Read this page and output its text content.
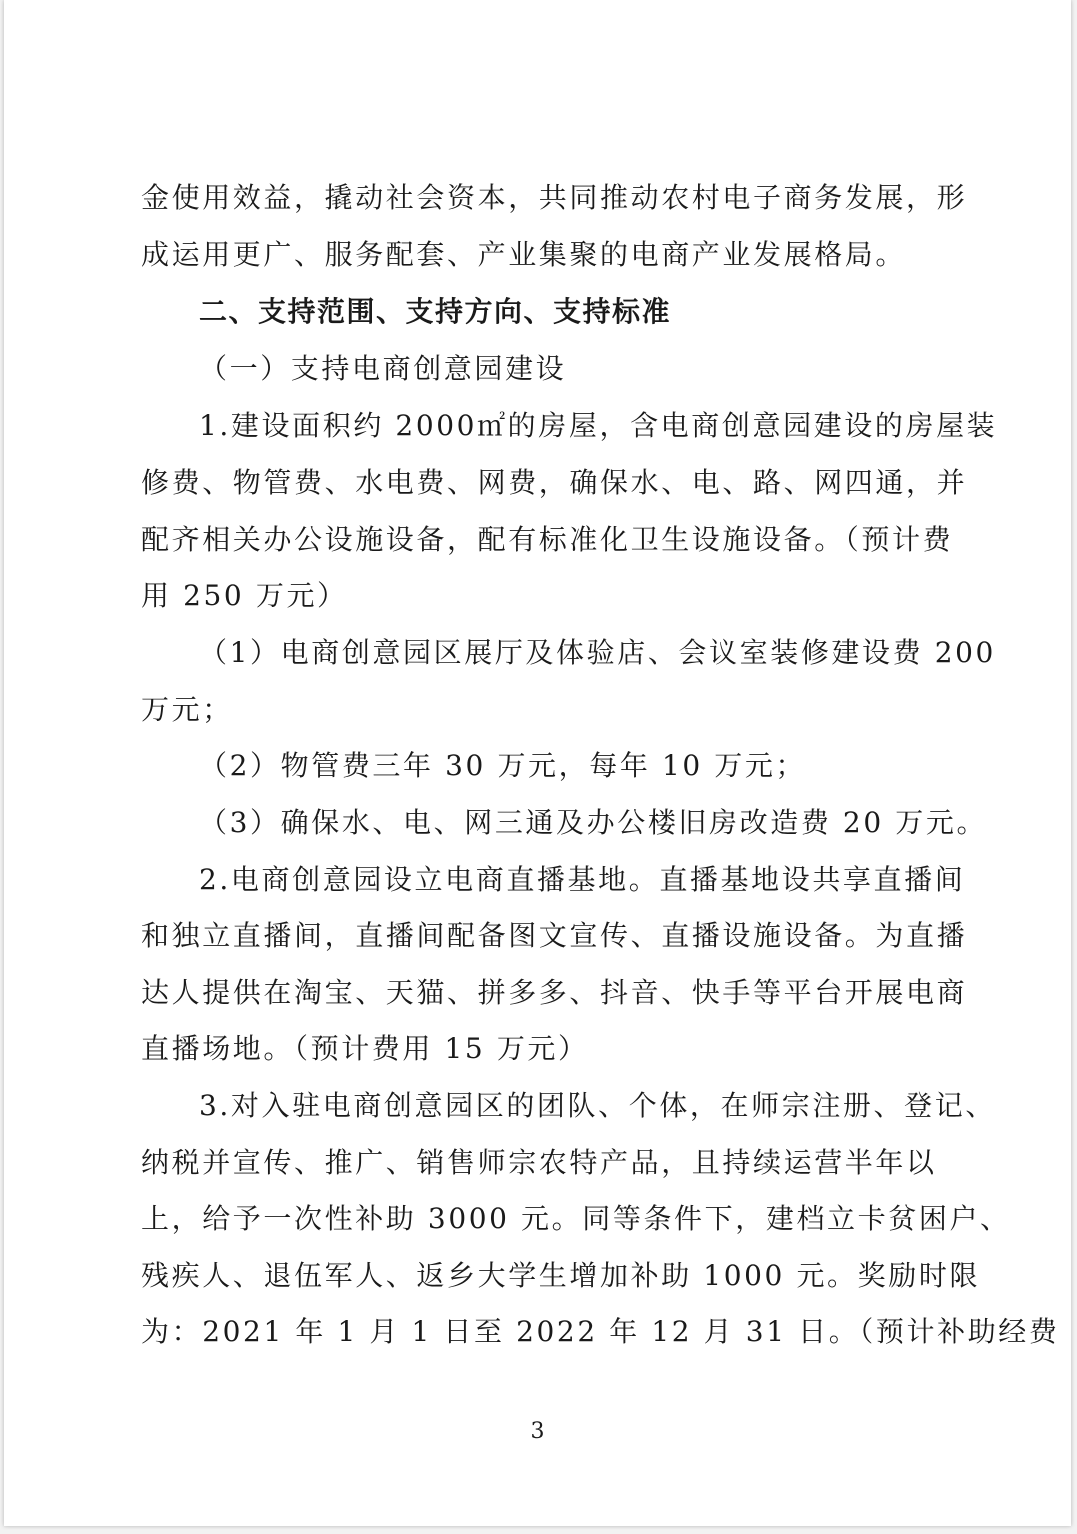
金使用效益，撬动社会资本，共同推动农村电子商务发展，形
成运用更广、服务配套、产业集聚的电商产业发展格局。
二、支持范围、支持方向、支持标准
（一）支持电商创意园建设
1.建设面积约 2000㎡的房屋，含电商创意园建设的房屋装
修费、物管费、水电费、网费，确保水、电、路、网四通，并
配齐相关办公设施设备，配有标准化卫生设施设备。（预计费
用 250 万元）
（1）电商创意园区展厅及体验店、会议室装修建设费 200
万元；
（2）物管费三年 30 万元，每年 10 万元；
（3）确保水、电、网三通及办公楼旧房改造费 20 万元。
2.电商创意园设立电商直播基地。直播基地设共享直播间
和独立直播间，直播间配备图文宣传、直播设施设备。为直播
达人提供在淘宝、天猫、拼多多、抖音、快手等平台开展电商
直播场地。（预计费用 15 万元）
3.对入驻电商创意园区的团队、个体，在师宗注册、登记、
纳税并宣传、推广、销售师宗农特产品，且持续运营半年以
上，给予一次性补助 3000 元。同等条件下，建档立卡贫困户、
残疾人、退伍军人、返乡大学生增加补助 1000 元。奖励时限
为：2021 年 1 月 1 日至 2022 年 12 月 31 日。（预计补助经费
3
